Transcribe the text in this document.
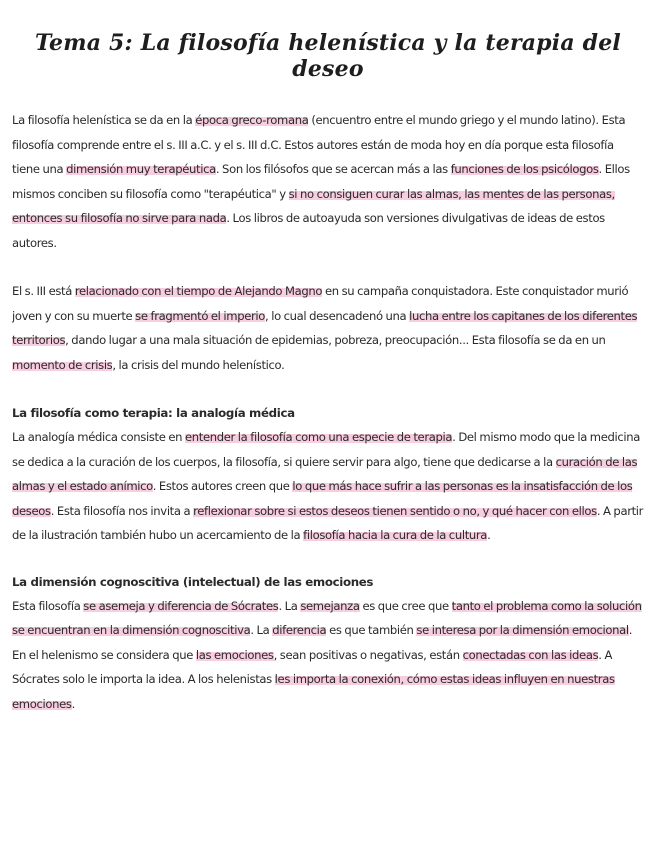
Tema 5: La filosofía helenística y la terapia del deseo

La filosofía helenística se da en la época greco-romana (encuentro entre el mundo griego y el mundo latino). Esta filosofía comprende entre el s. III a.C. y el s. III d.C. Estos autores están de moda hoy en día porque esta filosofía tiene una dimensión muy terapéutica. Son los filósofos que se acercan más a las funciones de los psicólogos. Ellos mismos conciben su filosofía como "terapéutica" y si no consiguen curar las almas, las mentes de las personas, entonces su filosofía no sirve para nada. Los libros de autoayuda son versiones divulgativas de ideas de estos autores.

El s. III está relacionado con el tiempo de Alejando Magno en su campaña conquistadora. Este conquistador murió joven y con su muerte se fragmentó el imperio, lo cual desencadenó una lucha entre los capitanes de los diferentes territorios, dando lugar a una mala situación de epidemias, pobreza, preocupación... Esta filosofía se da en un momento de crisis, la crisis del mundo helenístico.

La filosofía como terapia: la analogía médica

La analogía médica consiste en entender la filosofía como una especie de terapia. Del mismo modo que la medicina se dedica a la curación de los cuerpos, la filosofía, si quiere servir para algo, tiene que dedicarse a la curación de las almas y el estado anímico. Estos autores creen que lo que más hace sufrir a las personas es la insatisfacción de los deseos. Esta filosofía nos invita a reflexionar sobre si estos deseos tienen sentido o no, y qué hacer con ellos. A partir de la ilustración también hubo un acercamiento de la filosofía hacia la cura de la cultura.

La dimensión cognoscitiva (intelectual) de las emociones

Esta filosofía se asemeja y diferencia de Sócrates. La semejanza es que cree que tanto el problema como la solución se encuentran en la dimensión cognoscitiva. La diferencia es que también se interesa por la dimensión emocional. En el helenismo se considera que las emociones, sean positivas o negativas, están conectadas con las ideas. A Sócrates solo le importa la idea. A los helenistas les importa la conexión, cómo estas ideas influyen en nuestras emociones.
